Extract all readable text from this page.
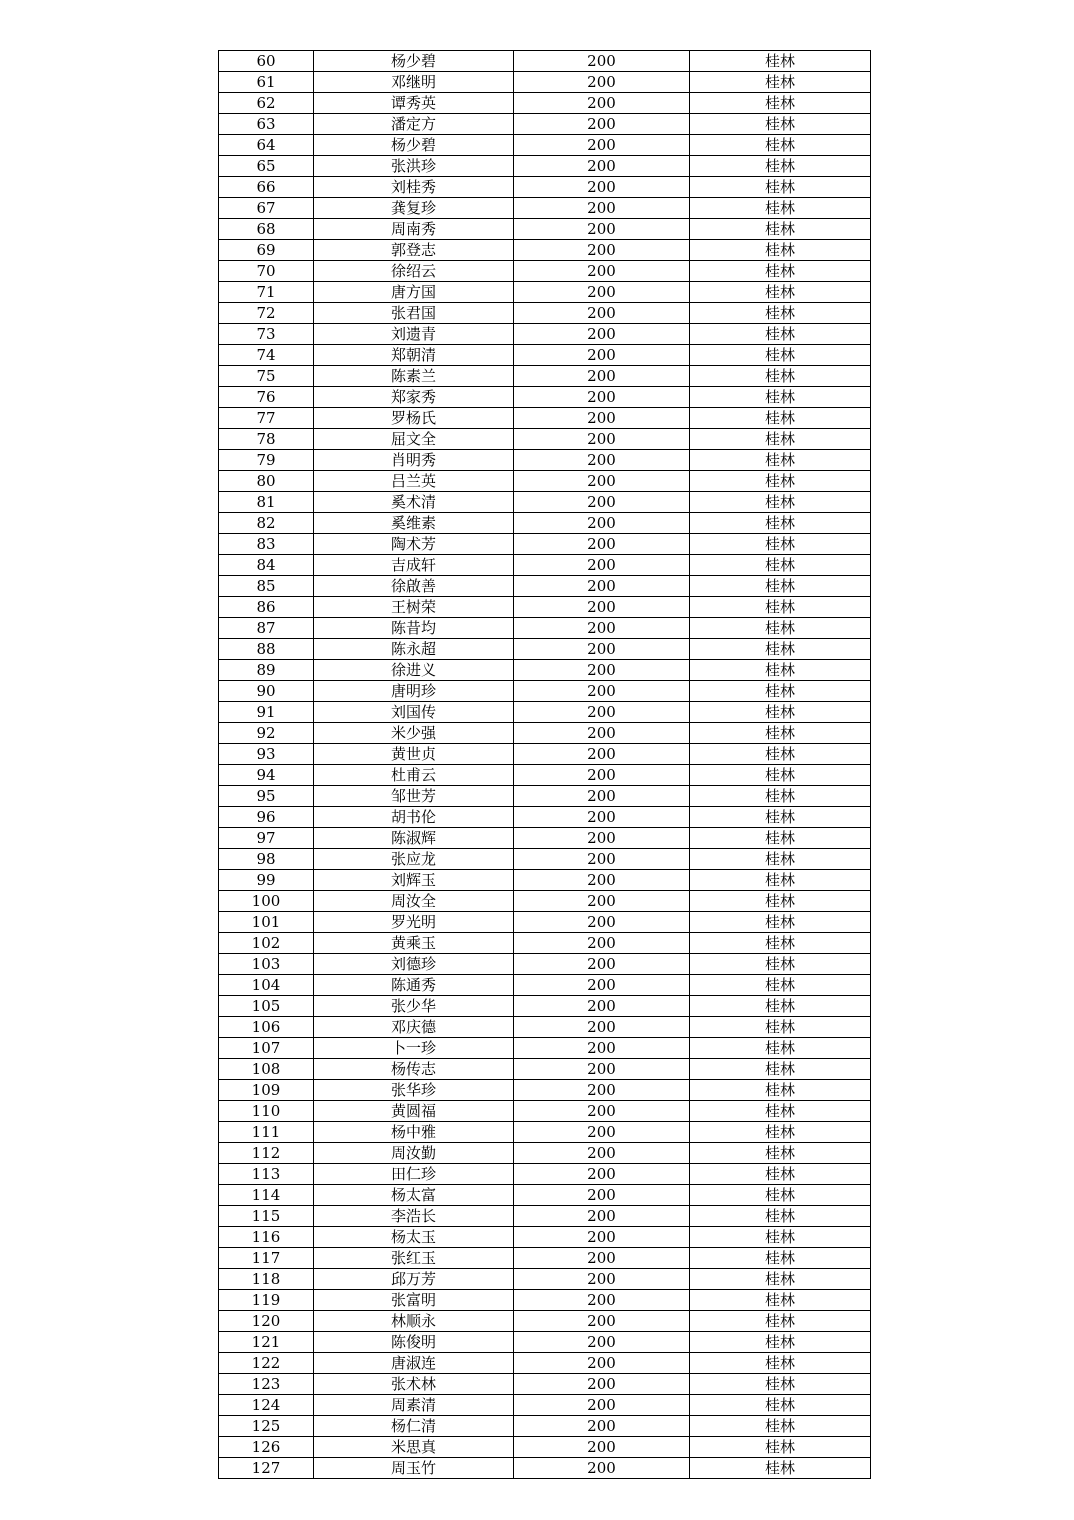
60	杨少碧	200	桂林
61	邓继明	200	桂林
62	谭秀英	200	桂林
63	潘定方	200	桂林
64	杨少碧	200	桂林
65	张洪珍	200	桂林
66	刘桂秀	200	桂林
67	龚复珍	200	桂林
68	周南秀	200	桂林
69	郭登志	200	桂林
70	徐绍云	200	桂林
71	唐方国	200	桂林
72	张君国	200	桂林
73	刘遗青	200	桂林
74	郑朝清	200	桂林
75	陈素兰	200	桂林
76	郑家秀	200	桂林
77	罗杨氏	200	桂林
78	屈文全	200	桂林
79	肖明秀	200	桂林
80	吕兰英	200	桂林
81	奚术清	200	桂林
82	奚维素	200	桂林
83	陶术芳	200	桂林
84	吉成轩	200	桂林
85	徐啟善	200	桂林
86	王树荣	200	桂林
87	陈昔均	200	桂林
88	陈永超	200	桂林
89	徐进义	200	桂林
90	唐明珍	200	桂林
91	刘国传	200	桂林
92	米少强	200	桂林
93	黄世贞	200	桂林
94	杜甫云	200	桂林
95	邹世芳	200	桂林
96	胡书伦	200	桂林
97	陈淑辉	200	桂林
98	张应龙	200	桂林
99	刘辉玉	200	桂林
100	周汝全	200	桂林
101	罗光明	200	桂林
102	黄乘玉	200	桂林
103	刘德珍	200	桂林
104	陈通秀	200	桂林
105	张少华	200	桂林
106	邓庆德	200	桂林
107	卜一珍	200	桂林
108	杨传志	200	桂林
109	张华珍	200	桂林
110	黄圆福	200	桂林
111	杨中雅	200	桂林
112	周汝勤	200	桂林
113	田仁珍	200	桂林
114	杨太富	200	桂林
115	李浩长	200	桂林
116	杨太玉	200	桂林
117	张红玉	200	桂林
118	邱万芳	200	桂林
119	张富明	200	桂林
120	林顺永	200	桂林
121	陈俊明	200	桂林
122	唐淑连	200	桂林
123	张术林	200	桂林
124	周素清	200	桂林
125	杨仁清	200	桂林
126	米思真	200	桂林
127	周玉竹	200	桂林
